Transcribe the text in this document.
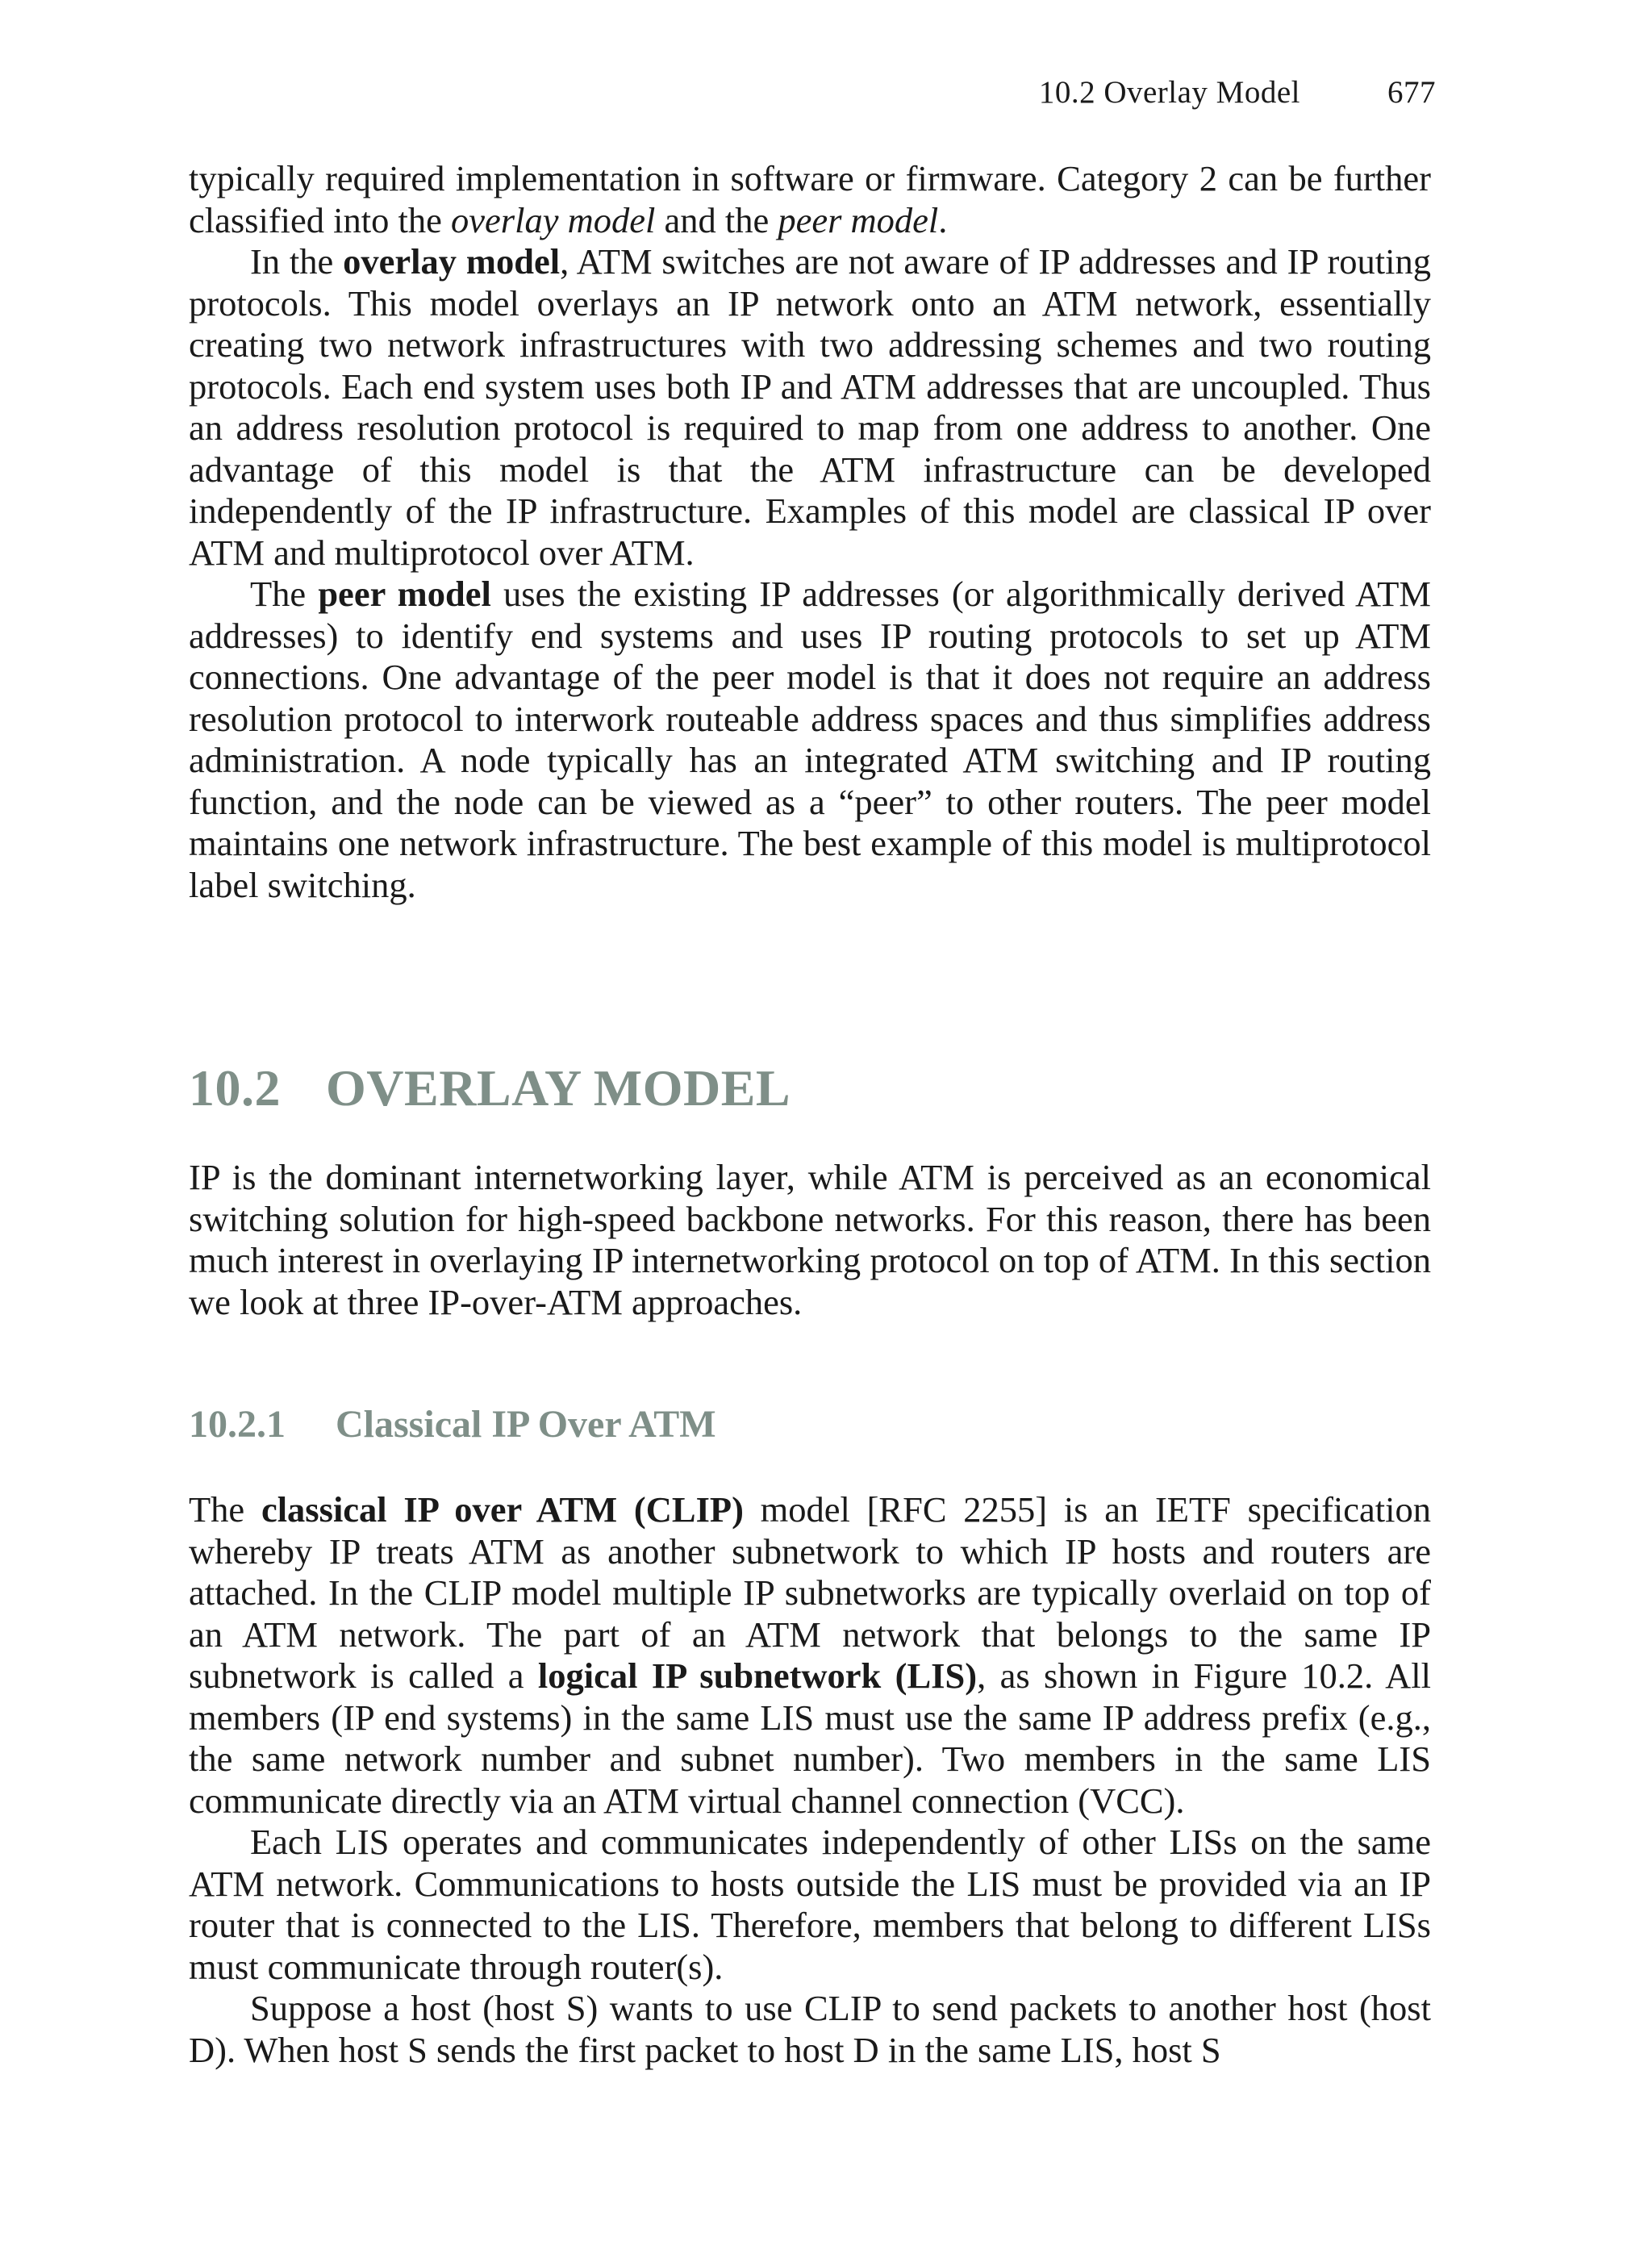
10.2 Overlay Model	677

typically required implementation in software or firmware. Category 2 can be further classified into the overlay model and the peer model.

In the overlay model, ATM switches are not aware of IP addresses and IP routing protocols. This model overlays an IP network onto an ATM network, essentially creating two network infrastructures with two addressing schemes and two routing protocols. Each end system uses both IP and ATM addresses that are uncoupled. Thus an address resolution protocol is required to map from one address to another. One advantage of this model is that the ATM infrastructure can be developed independently of the IP infrastructure. Examples of this model are classical IP over ATM and multiprotocol over ATM.

The peer model uses the existing IP addresses (or algorithmically derived ATM addresses) to identify end systems and uses IP routing protocols to set up ATM connections. One advantage of the peer model is that it does not require an address resolution protocol to interwork routeable address spaces and thus simplifies address administration. A node typically has an integrated ATM switching and IP routing function, and the node can be viewed as a “peer” to other routers. The peer model maintains one network infrastructure. The best example of this model is multiprotocol label switching.

10.2 OVERLAY MODEL

IP is the dominant internetworking layer, while ATM is perceived as an economical switching solution for high-speed backbone networks. For this reason, there has been much interest in overlaying IP internetworking protocol on top of ATM. In this section we look at three IP-over-ATM approaches.

10.2.1 Classical IP Over ATM

The classical IP over ATM (CLIP) model [RFC 2255] is an IETF specification whereby IP treats ATM as another subnetwork to which IP hosts and routers are attached. In the CLIP model multiple IP subnetworks are typically overlaid on top of an ATM network. The part of an ATM network that belongs to the same IP subnetwork is called a logical IP subnetwork (LIS), as shown in Figure 10.2. All members (IP end systems) in the same LIS must use the same IP address prefix (e.g., the same network number and subnet number). Two members in the same LIS communicate directly via an ATM virtual channel connection (VCC).

Each LIS operates and communicates independently of other LISs on the same ATM network. Communications to hosts outside the LIS must be provided via an IP router that is connected to the LIS. Therefore, members that belong to different LISs must communicate through router(s).

Suppose a host (host S) wants to use CLIP to send packets to another host (host D). When host S sends the first packet to host D in the same LIS, host S
